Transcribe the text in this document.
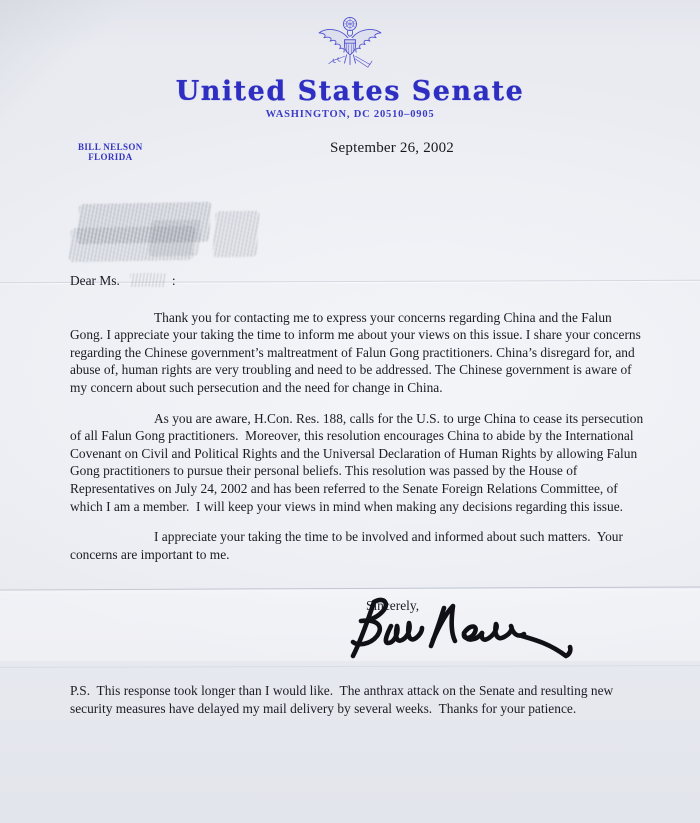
United States Senate
WASHINGTON, DC 20510–0905
BILL NELSON
FLORIDA
September 26, 2002
Dear Ms.	:

Thank you for contacting me to express your concerns regarding China and the Falun Gong. I appreciate your taking the time to inform me about your views on this issue. I share your concerns regarding the Chinese government’s maltreatment of Falun Gong practitioners. China’s disregard for, and abuse of, human rights are very troubling and need to be addressed. The Chinese government is aware of my concern about such persecution and the need for change in China.

As you are aware, H.Con. Res. 188, calls for the U.S. to urge China to cease its persecution of all Falun Gong practitioners.  Moreover, this resolution encourages China to abide by the International Covenant on Civil and Political Rights and the Universal Declaration of Human Rights by allowing Falun Gong practitioners to pursue their personal beliefs. This resolution was passed by the House of Representatives on July 24, 2002 and has been referred to the Senate Foreign Relations Committee, of which I am a member.  I will keep your views in mind when making any decisions regarding this issue.

I appreciate your taking the time to be involved and informed about such matters.  Your concerns are important to me.

Sincerely,
P.S.  This response took longer than I would like.  The anthrax attack on the Senate and resulting new security measures have delayed my mail delivery by several weeks.  Thanks for your patience.
